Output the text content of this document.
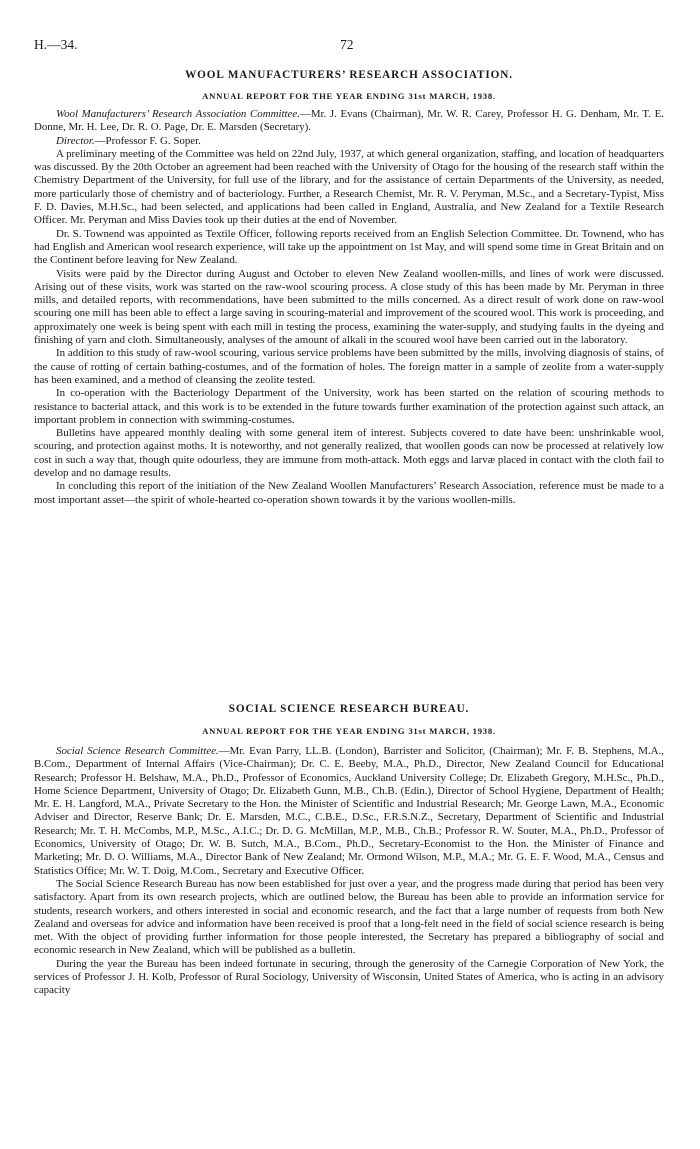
H.—34.	72
WOOL MANUFACTURERS’ RESEARCH ASSOCIATION.
ANNUAL REPORT FOR THE YEAR ENDING 31st MARCH, 1938.

Wool Manufacturers’ Research Association Committee.—Mr. J. Evans (Chairman), Mr. W. R. Carey, Professor H. G. Denham, Mr. T. E. Donne, Mr. H. Lee, Dr. R. O. Page, Dr. E. Marsden (Secretary).

Director.—Professor F. G. Soper.

A preliminary meeting of the Committee was held on 22nd July, 1937, at which general organization, staffing, and location of headquarters was discussed. By the 20th October an agreement had been reached with the University of Otago for the housing of the research staff within the Chemistry Department of the University, for full use of the library, and for the assistance of certain Departments of the University, as needed, more particularly those of chemistry and of bacteriology. Further, a Research Chemist, Mr. R. V. Peryman, M.Sc., and a Secretary-Typist, Miss F. D. Davies, M.H.Sc., had been selected, and applications had been called in England, Australia, and New Zealand for a Textile Research Officer. Mr. Peryman and Miss Davies took up their duties at the end of November.

Dr. S. Townend was appointed as Textile Officer, following reports received from an English Selection Committee. Dr. Townend, who has had English and American wool research experience, will take up the appointment on 1st May, and will spend some time in Great Britain and on the Continent before leaving for New Zealand.

Visits were paid by the Director during August and October to eleven New Zealand woollen-mills, and lines of work were discussed. Arising out of these visits, work was started on the raw-wool scouring process. A close study of this has been made by Mr. Peryman in three mills, and detailed reports, with recommendations, have been submitted to the mills concerned. As a direct result of work done on raw-wool scouring one mill has been able to effect a large saving in scouring-material and improvement of the scoured wool. This work is proceeding, and approximately one week is being spent with each mill in testing the process, examining the water-supply, and studying faults in the dyeing and finishing of yarn and cloth. Simultaneously, analyses of the amount of alkali in the scoured wool have been carried out in the laboratory.

In addition to this study of raw-wool scouring, various service problems have been submitted by the mills, involving diagnosis of stains, of the cause of rotting of certain bathing-costumes, and of the formation of holes. The foreign matter in a sample of zeolite from a water-supply has been examined, and a method of cleansing the zeolite tested.

In co-operation with the Bacteriology Department of the University, work has been started on the relation of scouring methods to resistance to bacterial attack, and this work is to be extended in the future towards further examination of the protection against such attack, an important problem in connection with swimming-costumes.

Bulletins have appeared monthly dealing with some general item of interest. Subjects covered to date have been: unshrinkable wool, scouring, and protection against moths. It is noteworthy, and not generally realized, that woollen goods can now be processed at relatively low cost in such a way that, though quite odourless, they are immune from moth-attack. Moth eggs and larvæ placed in contact with the cloth fail to develop and no damage results.

In concluding this report of the initiation of the New Zealand Woollen Manufacturers’ Research Association, reference must be made to a most important asset—the spirit of whole-hearted co-operation shown towards it by the various woollen-mills.

SOCIAL SCIENCE RESEARCH BUREAU.
ANNUAL REPORT FOR THE YEAR ENDING 31st MARCH, 1938.

Social Science Research Committee.—Mr. Evan Parry, LL.B. (London), Barrister and Solicitor, (Chairman); Mr. F. B. Stephens, M.A., B.Com., Department of Internal Affairs (Vice-Chairman); Dr. C. E. Beeby, M.A., Ph.D., Director, New Zealand Council for Educational Research; Professor H. Belshaw, M.A., Ph.D., Professor of Economics, Auckland University College; Dr. Elizabeth Gregory, M.H.Sc., Ph.D., Home Science Department, University of Otago; Dr. Elizabeth Gunn, M.B., Ch.B. (Edin.), Director of School Hygiene, Department of Health; Mr. E. H. Langford, M.A., Private Secretary to the Hon. the Minister of Scientific and Industrial Research; Mr. George Lawn, M.A., Economic Adviser and Director, Reserve Bank; Dr. E. Marsden, M.C., C.B.E., D.Sc., F.R.S.N.Z., Secretary, Department of Scientific and Industrial Research; Mr. T. H. McCombs, M.P., M.Sc., A.I.C.; Dr. D. G. McMillan, M.P., M.B., Ch.B.; Professor R. W. Souter, M.A., Ph.D., Professor of Economics, University of Otago; Dr. W. B. Sutch, M.A., B.Com., Ph.D., Secretary-Economist to the Hon. the Minister of Finance and Marketing; Mr. D. O. Williams, M.A., Director Bank of New Zealand; Mr. Ormond Wilson, M.P., M.A.; Mr. G. E. F. Wood, M.A., Census and Statistics Office; Mr. W. T. Doig, M.Com., Secretary and Executive Officer.

The Social Science Research Bureau has now been established for just over a year, and the progress made during that period has been very satisfactory. Apart from its own research projects, which are outlined below, the Bureau has been able to provide an information service for students, research workers, and others interested in social and economic research, and the fact that a large number of requests from both New Zealand and overseas for advice and information have been received is proof that a long-felt need in the field of social science research is being met. With the object of providing further information for those people interested, the Secretary has prepared a bibliography of social and economic research in New Zealand, which will be published as a bulletin.

During the year the Bureau has been indeed fortunate in securing, through the generosity of the Carnegie Corporation of New York, the services of Professor J. H. Kolb, Professor of Rural Sociology, University of Wisconsin, United States of America, who is acting in an advisory capacity
